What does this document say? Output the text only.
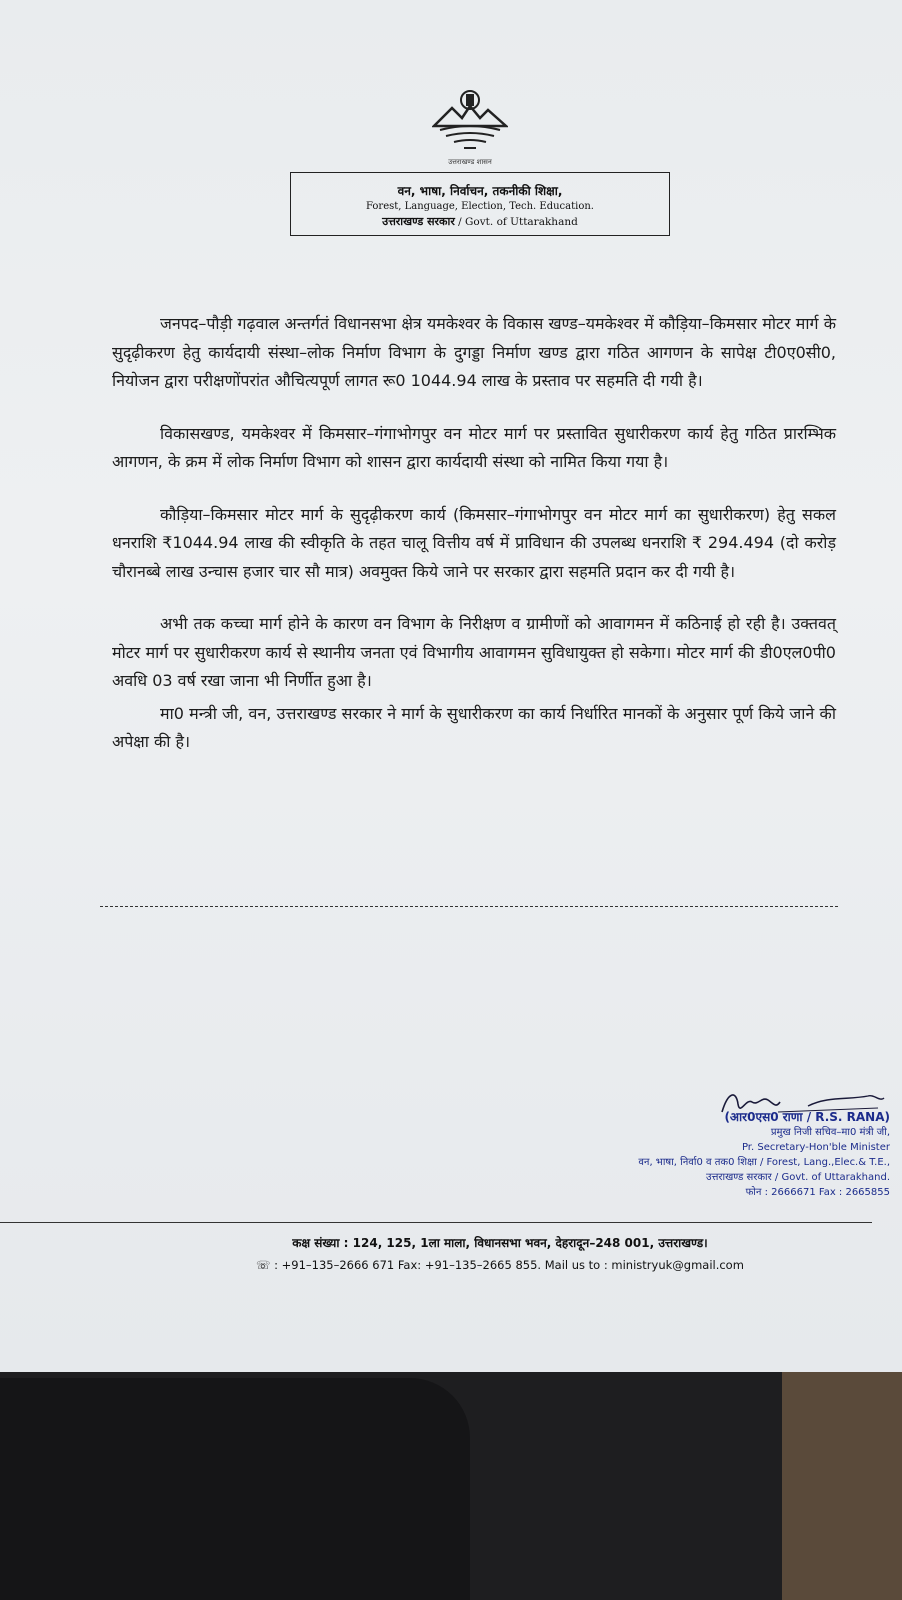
उत्तराखण्ड शासन
वन, भाषा, निर्वाचन, तकनीकी शिक्षा,
Forest, Language, Election, Tech. Education.
उत्तराखण्ड सरकार / Govt. of Uttarakhand

जनपद–पौड़ी गढ़वाल अन्तर्गतं विधानसभा क्षेत्र यमकेश्वर के विकास खण्ड–यमकेश्वर में कौड़िया–किमसार मोटर मार्ग के सुदृढ़ीकरण हेतु कार्यदायी संस्था–लोक निर्माण विभाग के दुगड्डा निर्माण खण्ड द्वारा गठित आगणन के सापेक्ष टी0ए0सी0, नियोजन द्वारा परीक्षणोंपरांत औचित्यपूर्ण लागत रू0 1044.94 लाख के प्रस्ताव पर सहमति दी गयी है।

विकासखण्ड, यमकेश्वर में किमसार–गंगाभोगपुर वन मोटर मार्ग पर प्रस्तावित सुधारीकरण कार्य हेतु गठित प्रारम्भिक आगणन, के क्रम में लोक निर्माण विभाग को शासन द्वारा कार्यदायी संस्था को नामित किया गया है।

कौड़िया–किमसार मोटर मार्ग के सुदृढ़ीकरण कार्य (किमसार–गंगाभोगपुर वन मोटर मार्ग का सुधारीकरण) हेतु सकल धनराशि ₹1044.94 लाख की स्वीकृति के तहत चालू वित्तीय वर्ष में प्राविधान की उपलब्ध धनराशि ₹ 294.494 (दो करोड़ चौरानब्बे लाख उन्चास हजार चार सौ मात्र) अवमुक्त किये जाने पर सरकार द्वारा सहमति प्रदान कर दी गयी है।

अभी तक कच्चा मार्ग होने के कारण वन विभाग के निरीक्षण व ग्रामीणों को आवागमन में कठिनाई हो रही है। उक्तवत् मोटर मार्ग पर सुधारीकरण कार्य से स्थानीय जनता एवं विभागीय आवागमन सुविधायुक्त हो सकेगा। मोटर मार्ग की डी0एल0पी0 अवधि 03 वर्ष रखा जाना भी निर्णीत हुआ है।

मा0 मन्त्री जी, वन, उत्तराखण्ड सरकार ने मार्ग के सुधारीकरण का कार्य निर्धारित मानकों के अनुसार पूर्ण किये जाने की अपेक्षा की है।

(आर0एस0 राणा / R.S. RANA)
प्रमुख निजी सचिव–मा0 मंत्री जी,
Pr. Secretary-Hon'ble Minister
वन, भाषा, निर्वा0 व तक0 शिक्षा / Forest, Lang.,Elec.& T.E.,
उत्तराखण्ड सरकार / Govt. of Uttarakhand.
फोन : 2666671 Fax : 2665855
कक्ष संख्या : 124, 125, 1ला माला, विधानसभा भवन, देहरादून–248 001, उत्तराखण्ड।
☏ : +91–135–2666 671 Fax: +91–135–2665 855. Mail us to : ministryuk@gmail.com
